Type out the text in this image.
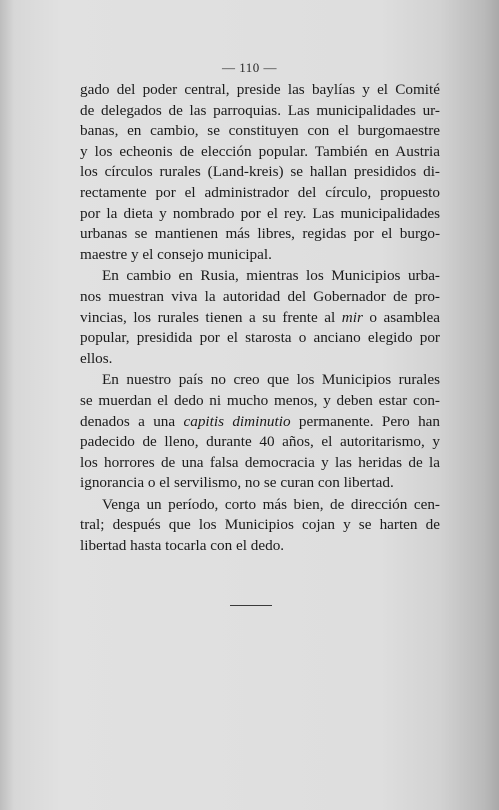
— 110 —
gado del poder central, preside las baylías y el Comité
de delegados de las parroquias. Las municipalidades ur-
banas, en cambio, se constituyen con el burgomaestre
y los echeonis de elección popular. También en Austria
los círculos rurales (Land-kreis) se hallan presididos di-
rectamente por el administrador del círculo, propuesto
por la dieta y nombrado por el rey. Las municipalidades
urbanas se mantienen más libres, regidas por el burgo-
maestre y el consejo municipal.
En cambio en Rusia, mientras los Municipios urba-
nos muestran viva la autoridad del Gobernador de pro-
vincias, los rurales tienen a su frente al mir o asamblea
popular, presidida por el starosta o anciano elegido por
ellos.
En nuestro país no creo que los Municipios rurales
se muerdan el dedo ni mucho menos, y deben estar con-
denados a una capitis diminutio permanente. Pero han
padecido de lleno, durante 40 años, el autoritarismo, y
los horrores de una falsa democracia y las heridas de la
ignorancia o el servilismo, no se curan con libertad.
Venga un período, corto más bien, de dirección cen-
tral; después que los Municipios cojan y se harten de
libertad hasta tocarla con el dedo.
